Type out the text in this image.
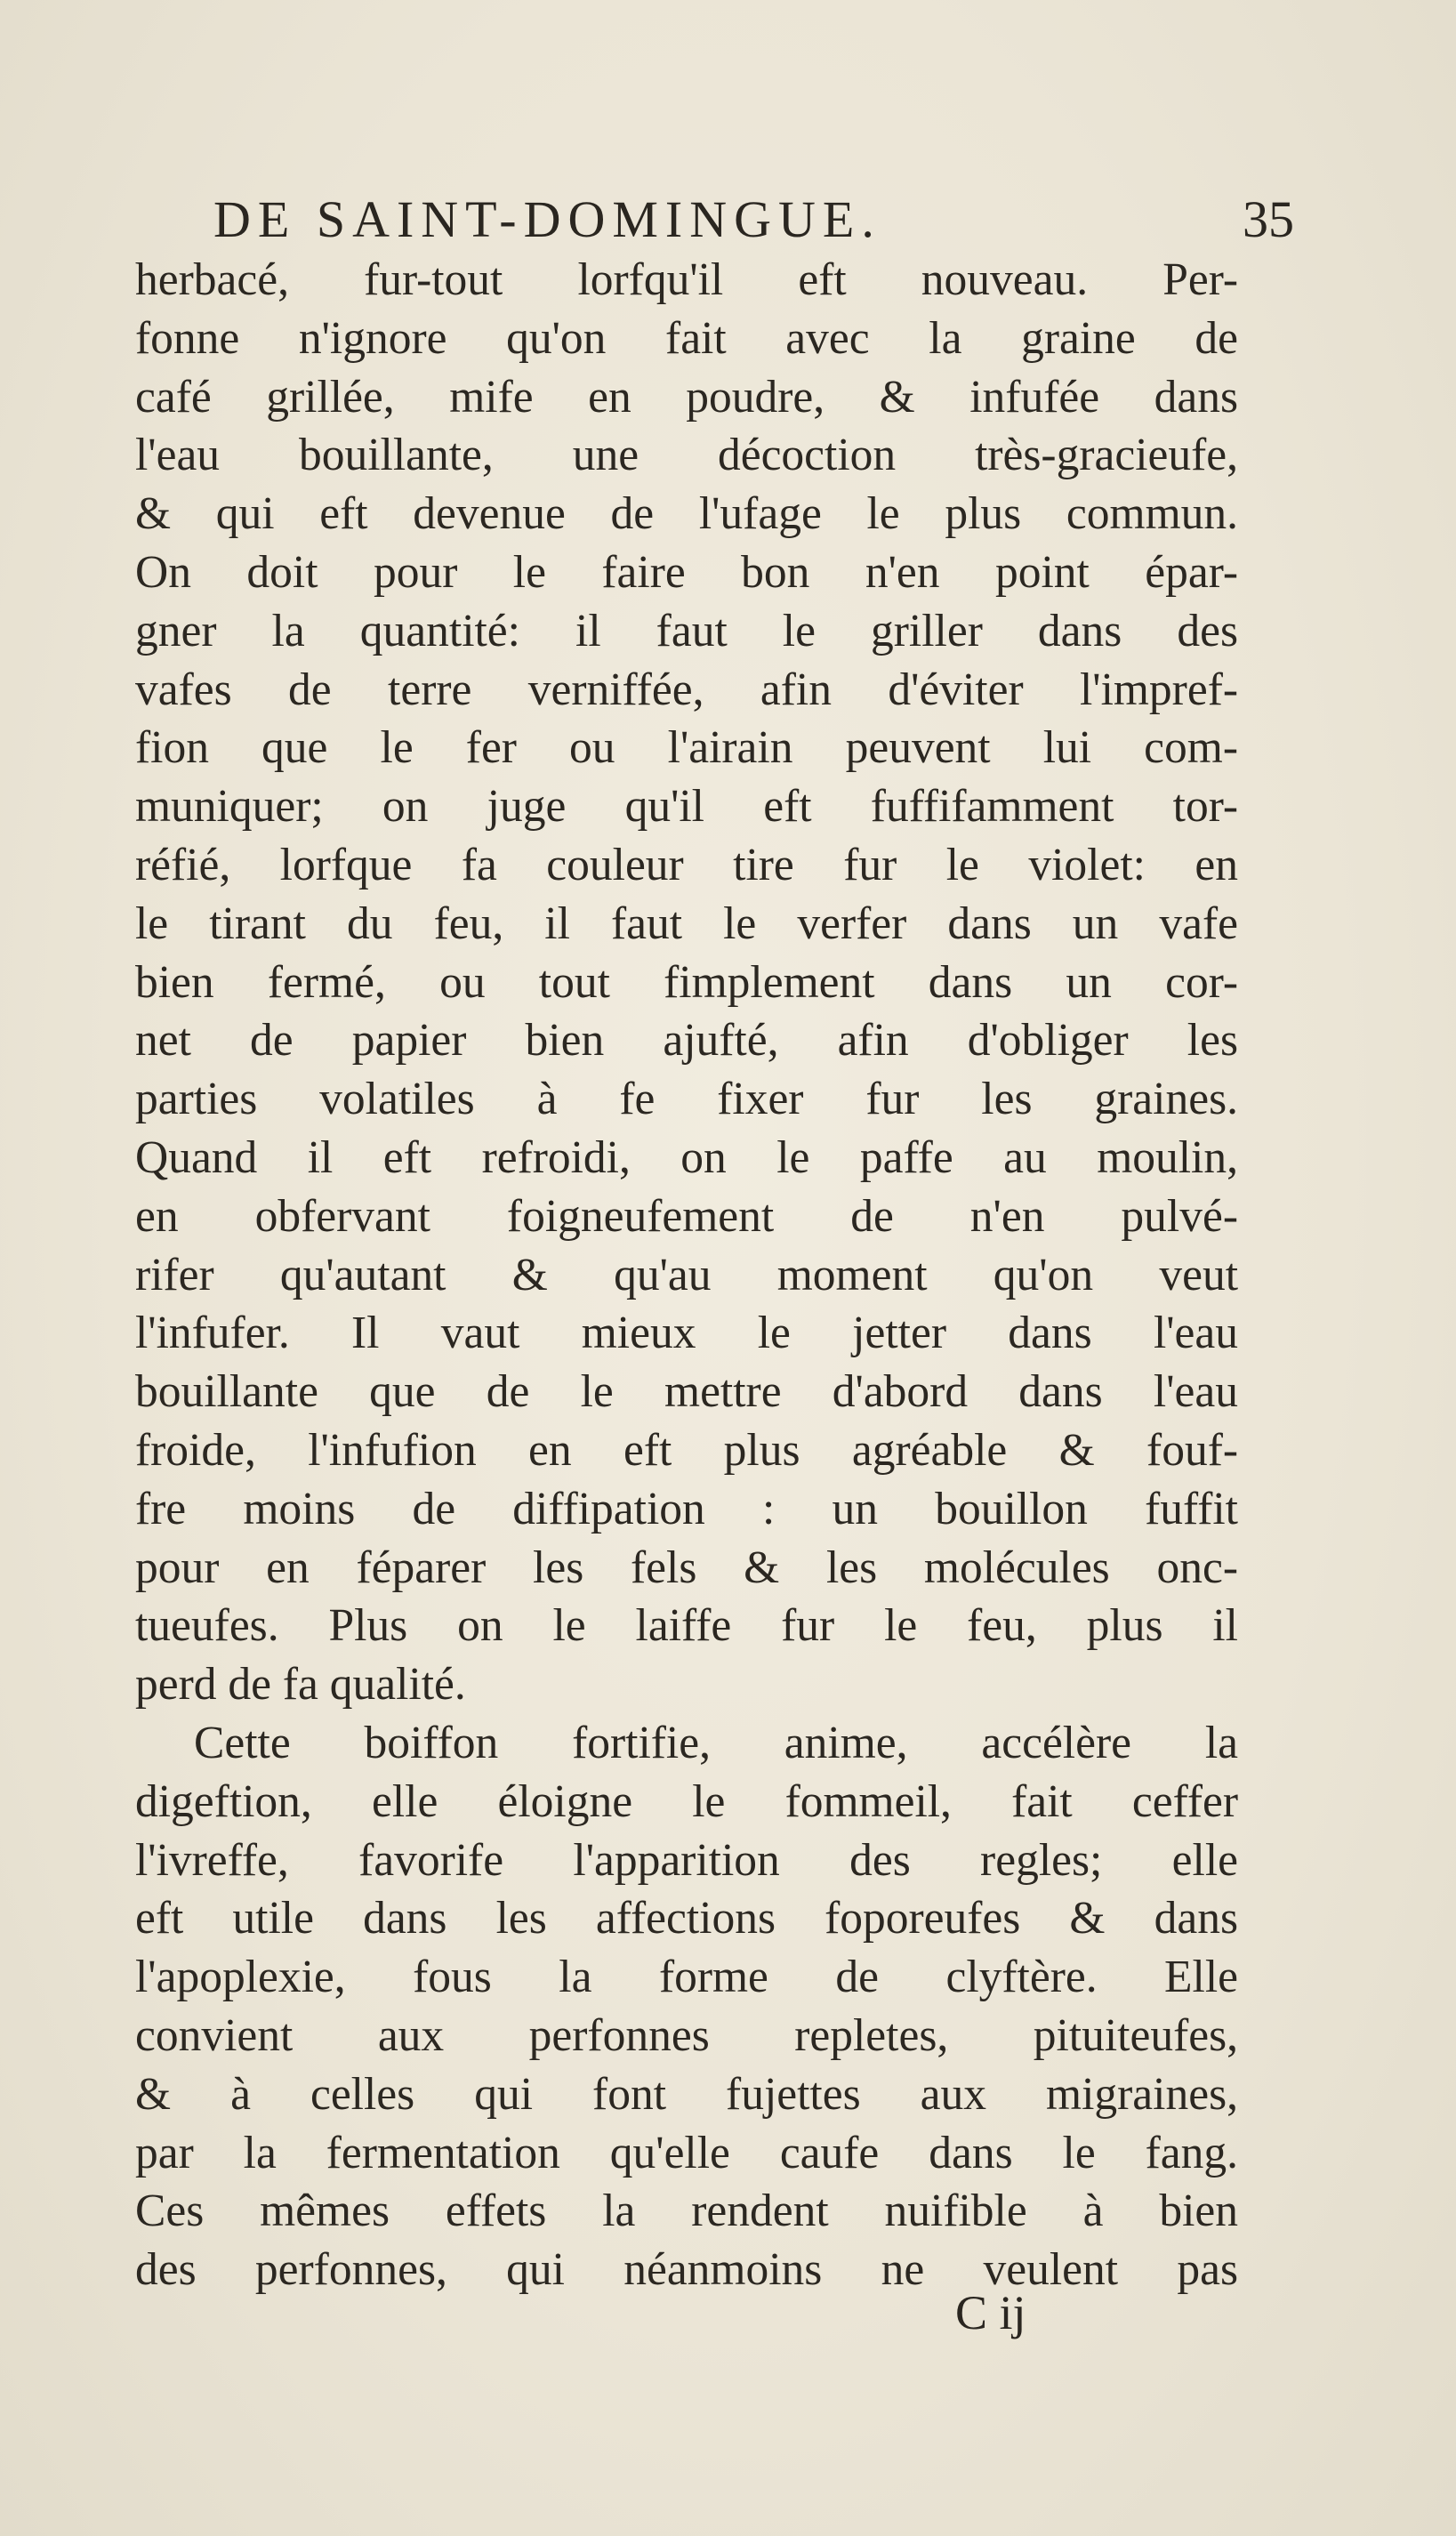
DE SAINT-DOMINGUE.	35
herbacé, fur-tout lorfqu'il eft nouveau. Per-
fonne n'ignore qu'on fait avec la graine de
café grillée, mife en poudre, & infufée dans
l'eau bouillante, une décoction très-gracieufe,
& qui eft devenue de l'ufage le plus commun.
On doit pour le faire bon n'en point épar-
gner la quantité: il faut le griller dans des
vafes de terre verniffée, afin d'éviter l'impref-
fion que le fer ou l'airain peuvent lui com-
muniquer; on juge qu'il eft fuffifamment tor-
réfié, lorfque fa couleur tire fur le violet: en
le tirant du feu, il faut le verfer dans un vafe
bien fermé, ou tout fimplement dans un cor-
net de papier bien ajufté, afin d'obliger les
parties volatiles à fe fixer fur les graines.
Quand il eft refroidi, on le paffe au moulin,
en obfervant foigneufement de n'en pulvé-
rifer qu'autant & qu'au moment qu'on veut
l'infufer. Il vaut mieux le jetter dans l'eau
bouillante que de le mettre d'abord dans l'eau
froide, l'infufion en eft plus agréable & fouf-
fre moins de diffipation : un bouillon fuffit
pour en féparer les fels & les molécules onc-
tueufes. Plus on le laiffe fur le feu, plus il
perd de fa qualité.
Cette boiffon fortifie, anime, accélère la
digeftion, elle éloigne le fommeil, fait ceffer
l'ivreffe, favorife l'apparition des regles; elle
eft utile dans les affections foporeufes & dans
l'apoplexie, fous la forme de clyftère. Elle
convient aux perfonnes repletes, pituiteufes,
& à celles qui font fujettes aux migraines,
par la fermentation qu'elle caufe dans le fang.
Ces mêmes effets la rendent nuifible à bien
des perfonnes, qui néanmoins ne veulent pas
C ij
